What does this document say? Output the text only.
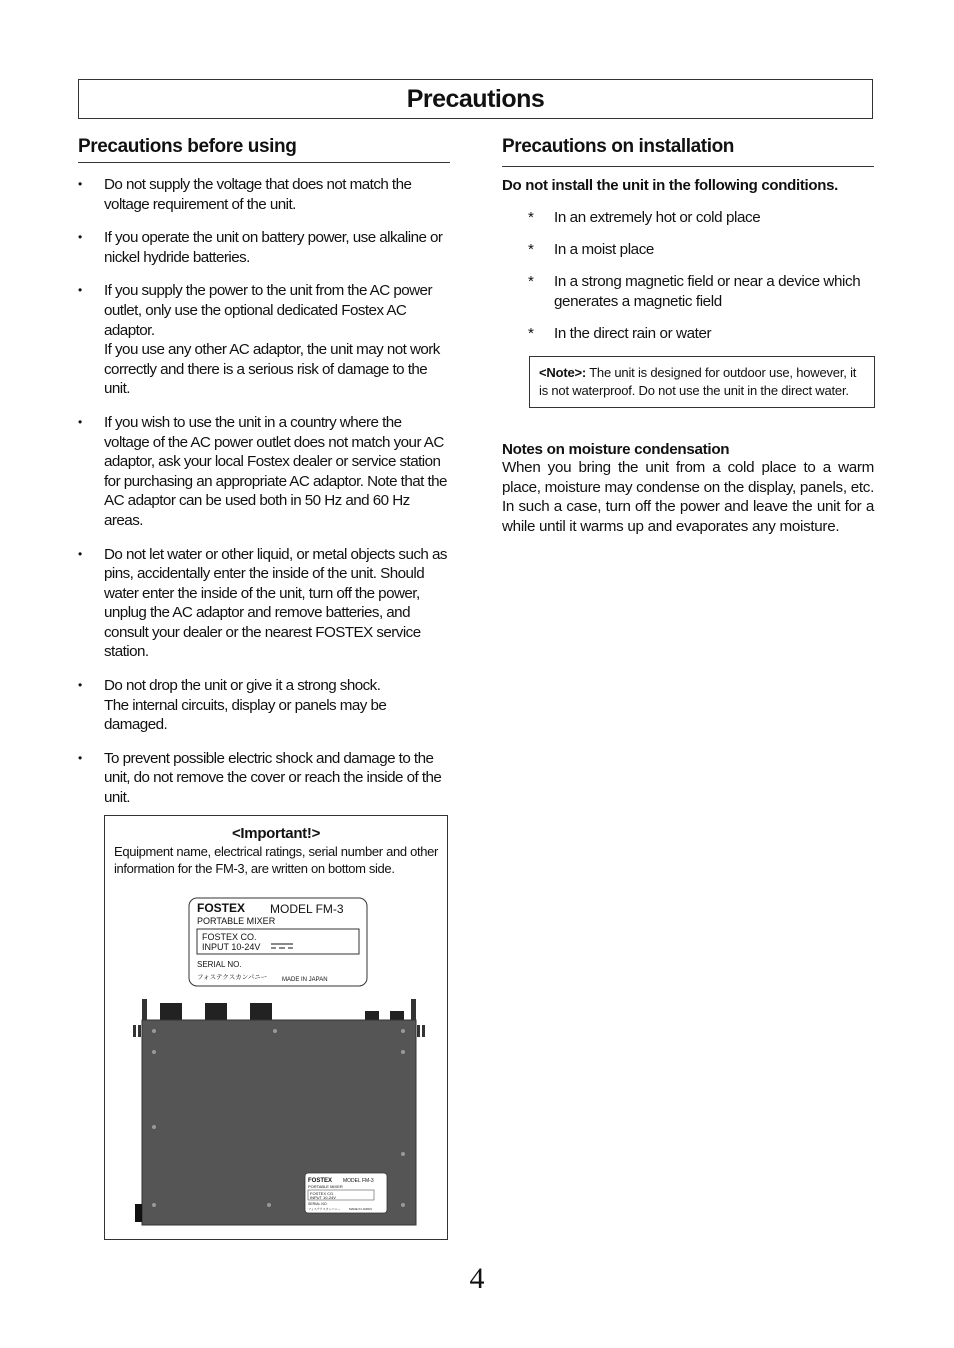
Precautions
Precautions before using
• Do not supply the voltage that does not match the voltage requirement of the unit.

• If you operate the unit on battery power, use alkaline or nickel hydride batteries.

• If you supply the power to the unit from the AC power outlet, only use the optional dedicated Fostex AC adaptor.

If you use any other AC adaptor, the unit may not work correctly and there is a serious risk of damage to the unit.

• If you wish to use the unit in a country where the voltage of the AC power outlet does not match your AC adaptor, ask your local Fostex dealer or service station for purchasing an appropriate AC adaptor. Note that the AC adaptor can be used both in 50 Hz and 60 Hz areas.

• Do not let water or other liquid, or metal objects such as pins, accidentally enter the inside of the unit. Should water enter the inside of the unit, turn off the power, unplug the AC adaptor and remove batteries, and consult your dealer or the nearest FOSTEX service station.

• Do not drop the unit or give it a strong shock.

The internal circuits, display or panels may be damaged.

• To prevent possible electric shock and damage to the unit, do not remove the cover or reach the inside of the unit.

<Important!>
Equipment name, electrical ratings, serial number and other information for the FM-3, are written on bottom side.
FOSTEX MODEL FM-3
PORTABLE MIXER
FOSTEX CO.
INPUT 10-24V
SERIAL NO.
フォステクスカンパニー MADE IN JAPAN
FOSTEX MODEL FM-3
PORTABLE MIXER
FOSTEX CO.
INPUT 10-24V
SERIAL NO.
フォステクスカンパニー	MADE IN JAPAN
Precautions on installation
Do not install the unit in the following conditions.
* In an extremely hot or cold place
* In a moist place
* In a strong magnetic field or near a device which generates a magnetic field
* In the direct rain or water
<Note>: The unit is designed for outdoor use, however, it is not waterproof. Do not use the unit in the direct water.
Notes on moisture condensation
When you bring the unit from a cold place to a warm place, moisture may condense on the display, panels, etc. In such a case, turn off the power and leave the unit for a while until it warms up and evaporates any moisture.
4
